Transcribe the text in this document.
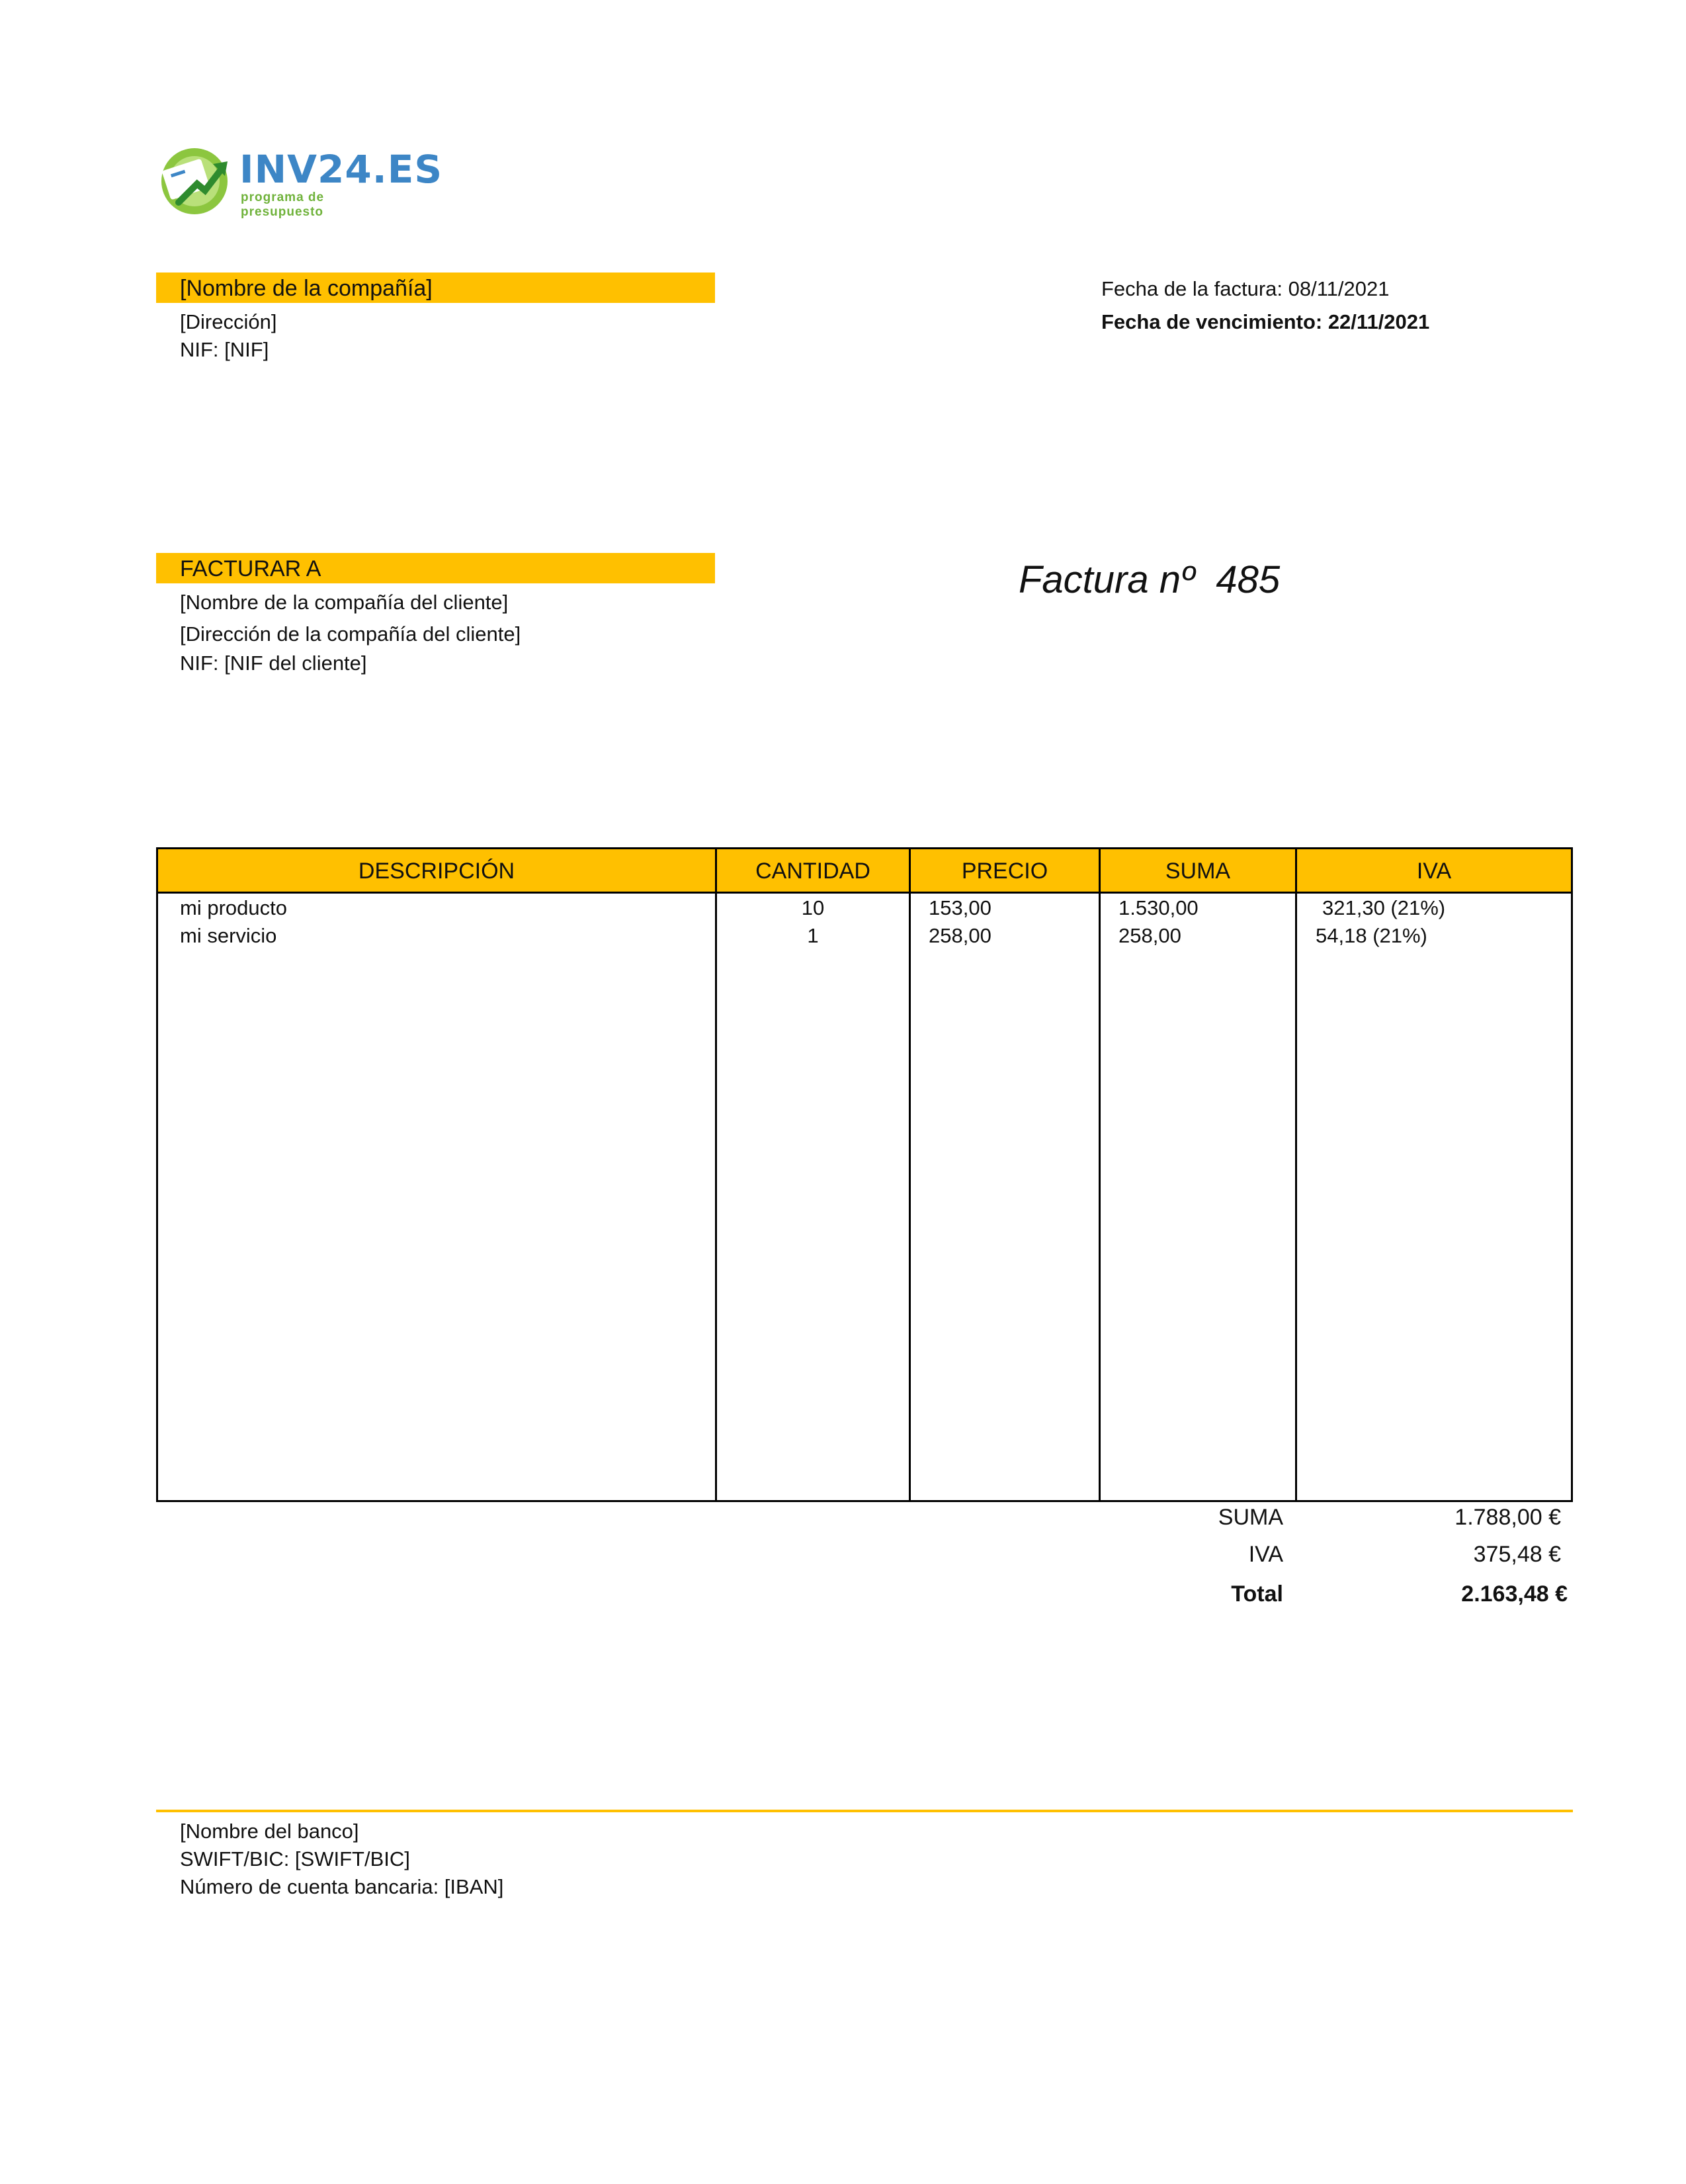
INV24.ES
programa de presupuesto
[Nombre de la compañía]
[Dirección]
NIF: [NIF]
Fecha de la factura: 08/11/2021
Fecha de vencimiento: 22/11/2021
FACTURAR A
[Nombre de la compañía del cliente]
[Dirección de la compañía del cliente]
NIF: [NIF del cliente]
Factura nº  485
DESCRIPCIÓN	CANTIDAD	PRECIO	SUMA	IVA
mi producto	10	153,00	1.530,00	321,30 (21%)
mi servicio	1	258,00	258,00	54,18 (21%)
SUMA	1.788,00 €
IVA	375,48 €
Total	2.163,48 €
[Nombre del banco]
SWIFT/BIC: [SWIFT/BIC]
Número de cuenta bancaria: [IBAN]
